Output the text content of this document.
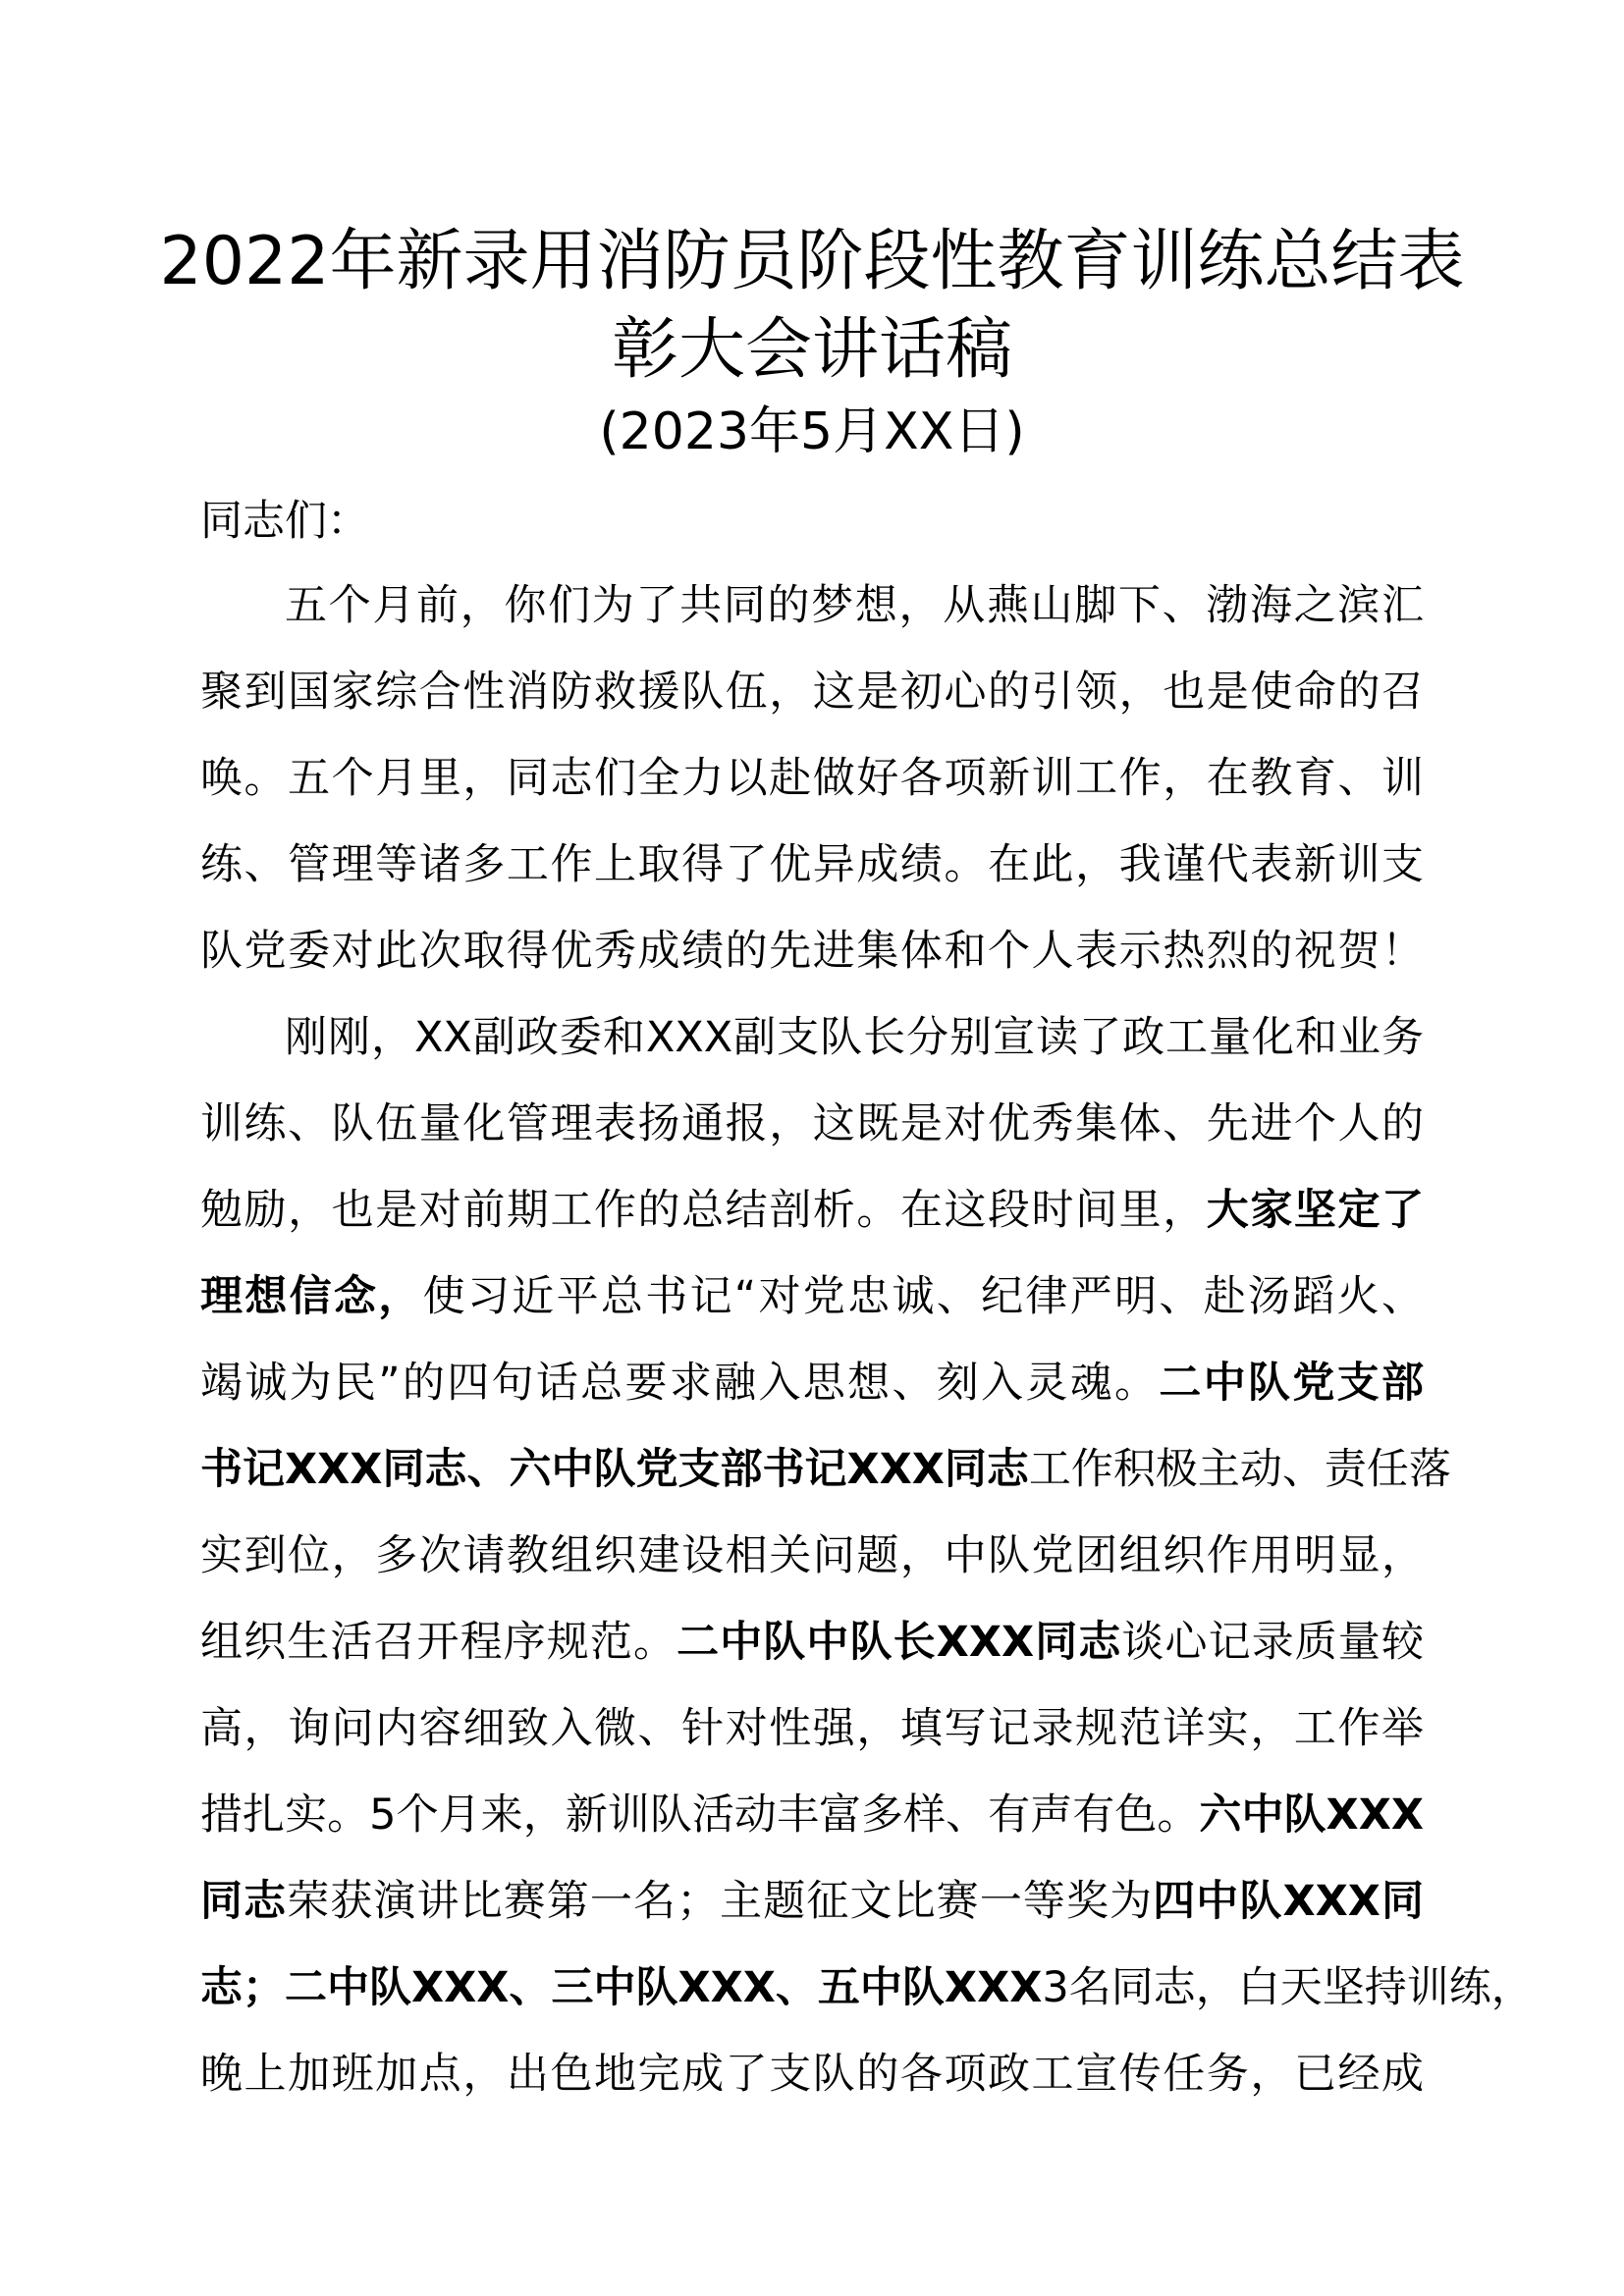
2022年新录用消防员阶段性教育训练总结表
彰大会讲话稿
(2023年5月XX日)
同志们：
五个月前，你们为了共同的梦想，从燕山脚下、渤海之滨汇
聚到国家综合性消防救援队伍，这是初心的引领，也是使命的召
唤。五个月里，同志们全力以赴做好各项新训工作，在教育、训
练、管理等诸多工作上取得了优异成绩。在此，我谨代表新训支
队党委对此次取得优秀成绩的先进集体和个人表示热烈的祝贺！
刚刚，XX副政委和XXX副支队长分别宣读了政工量化和业务
训练、队伍量化管理表扬通报，这既是对优秀集体、先进个人的
勉励，也是对前期工作的总结剖析。在这段时间里，大家坚定了
理想信念，使习近平总书记“对党忠诚、纪律严明、赴汤蹈火、
竭诚为民”的四句话总要求融入思想、刻入灵魂。二中队党支部
书记XXX同志、六中队党支部书记XXX同志工作积极主动、责任落
实到位，多次请教组织建设相关问题，中队党团组织作用明显，
组织生活召开程序规范。二中队中队长XXX同志谈心记录质量较
高，询问内容细致入微、针对性强，填写记录规范详实，工作举
措扎实。5个月来，新训队活动丰富多样、有声有色。六中队XXX
同志荣获演讲比赛第一名；主题征文比赛一等奖为四中队XXX同
志；二中队XXX、三中队XXX、五中队XXX3名同志，白天坚持训练，
晚上加班加点，出色地完成了支队的各项政工宣传任务，已经成
